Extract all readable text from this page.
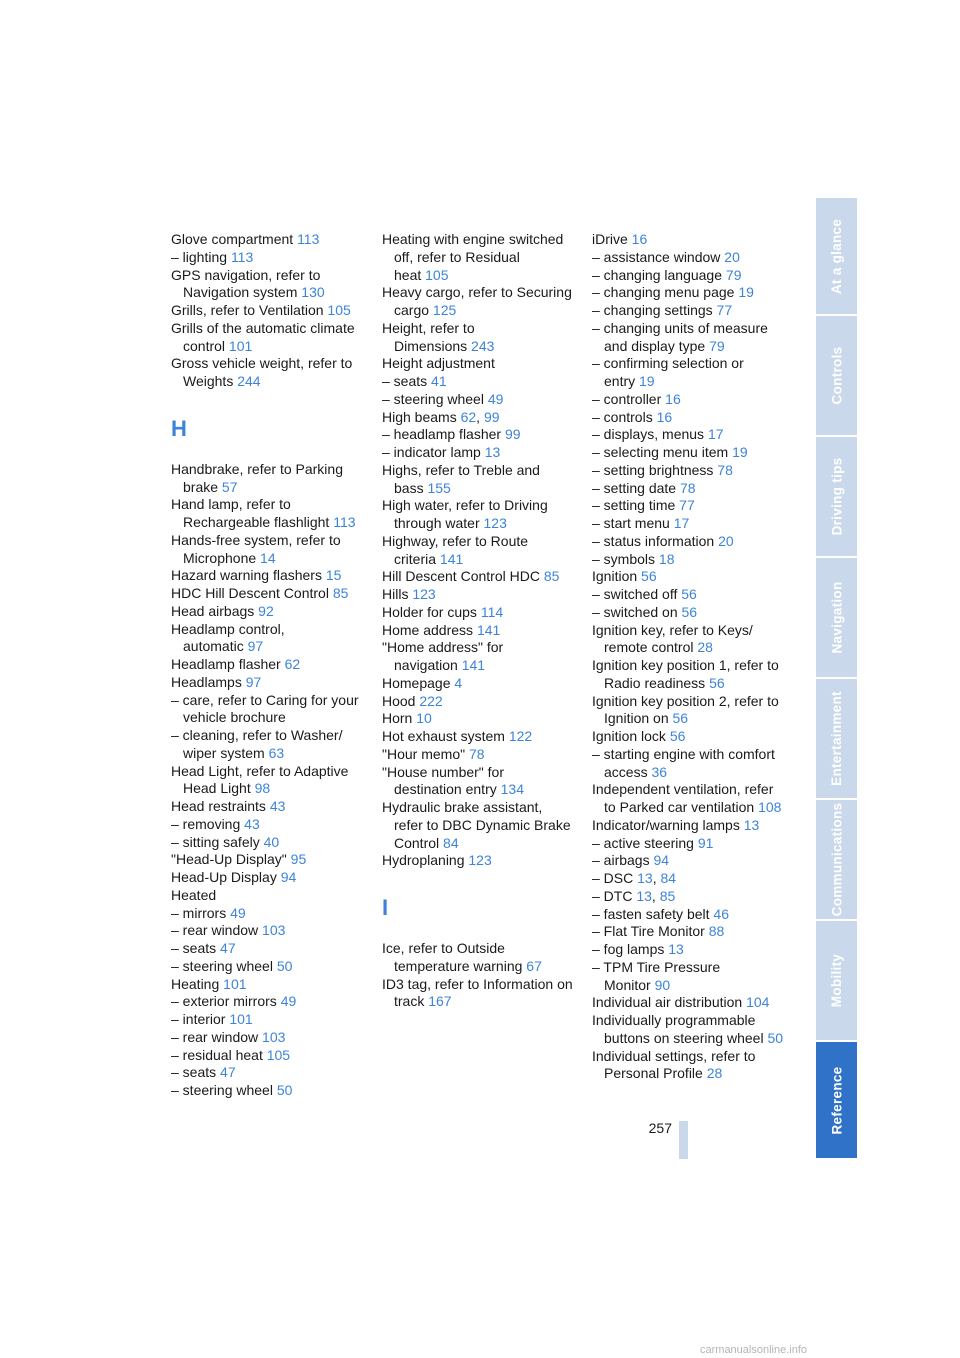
Glove compartment 113
– lighting 113
GPS navigation, refer to Navigation system 130
Grills, refer to Ventilation 105
Grills of the automatic climate control 101
Gross vehicle weight, refer to Weights 244
H
Handbrake, refer to Parking brake 57
Hand lamp, refer to Rechargeable flashlight 113
Hands-free system, refer to Microphone 14
Hazard warning flashers 15
HDC Hill Descent Control 85
Head airbags 92
Headlamp control, automatic 97
Headlamp flasher 62
Headlamps 97
– care, refer to Caring for your vehicle brochure
– cleaning, refer to Washer/ wiper system 63
Head Light, refer to Adaptive Head Light 98
Head restraints 43
– removing 43
– sitting safely 40
"Head-Up Display" 95
Head-Up Display 94
Heated
– mirrors 49
– rear window 103
– seats 47
– steering wheel 50
Heating 101
– exterior mirrors 49
– interior 101
– rear window 103
– residual heat 105
– seats 47
– steering wheel 50
Heating with engine switched off, refer to Residual heat 105
Heavy cargo, refer to Securing cargo 125
Height, refer to Dimensions 243
Height adjustment
– seats 41
– steering wheel 49
High beams 62, 99
– headlamp flasher 99
– indicator lamp 13
Highs, refer to Treble and bass 155
High water, refer to Driving through water 123
Highway, refer to Route criteria 141
Hill Descent Control HDC 85
Hills 123
Holder for cups 114
Home address 141
"Home address" for navigation 141
Homepage 4
Hood 222
Horn 10
Hot exhaust system 122
"Hour memo" 78
"House number" for destination entry 134
Hydraulic brake assistant, refer to DBC Dynamic Brake Control 84
Hydroplaning 123
I
Ice, refer to Outside temperature warning 67
ID3 tag, refer to Information on track 167
iDrive 16
– assistance window 20
– changing language 79
– changing menu page 19
– changing settings 77
– changing units of measure and display type 79
– confirming selection or entry 19
– controller 16
– controls 16
– displays, menus 17
– selecting menu item 19
– setting brightness 78
– setting date 78
– setting time 77
– start menu 17
– status information 20
– symbols 18
Ignition 56
– switched off 56
– switched on 56
Ignition key, refer to Keys/ remote control 28
Ignition key position 1, refer to Radio readiness 56
Ignition key position 2, refer to Ignition on 56
Ignition lock 56
– starting engine with comfort access 36
Independent ventilation, refer to Parked car ventilation 108
Indicator/warning lamps 13
– active steering 91
– airbags 94
– DSC 13, 84
– DTC 13, 85
– fasten safety belt 46
– Flat Tire Monitor 88
– fog lamps 13
– TPM Tire Pressure Monitor 90
Individual air distribution 104
Individually programmable buttons on steering wheel 50
Individual settings, refer to Personal Profile 28
At a glance
Controls
Driving tips
Navigation
Entertainment
Communications
Mobility
Reference
257
carmanualsonline.info
